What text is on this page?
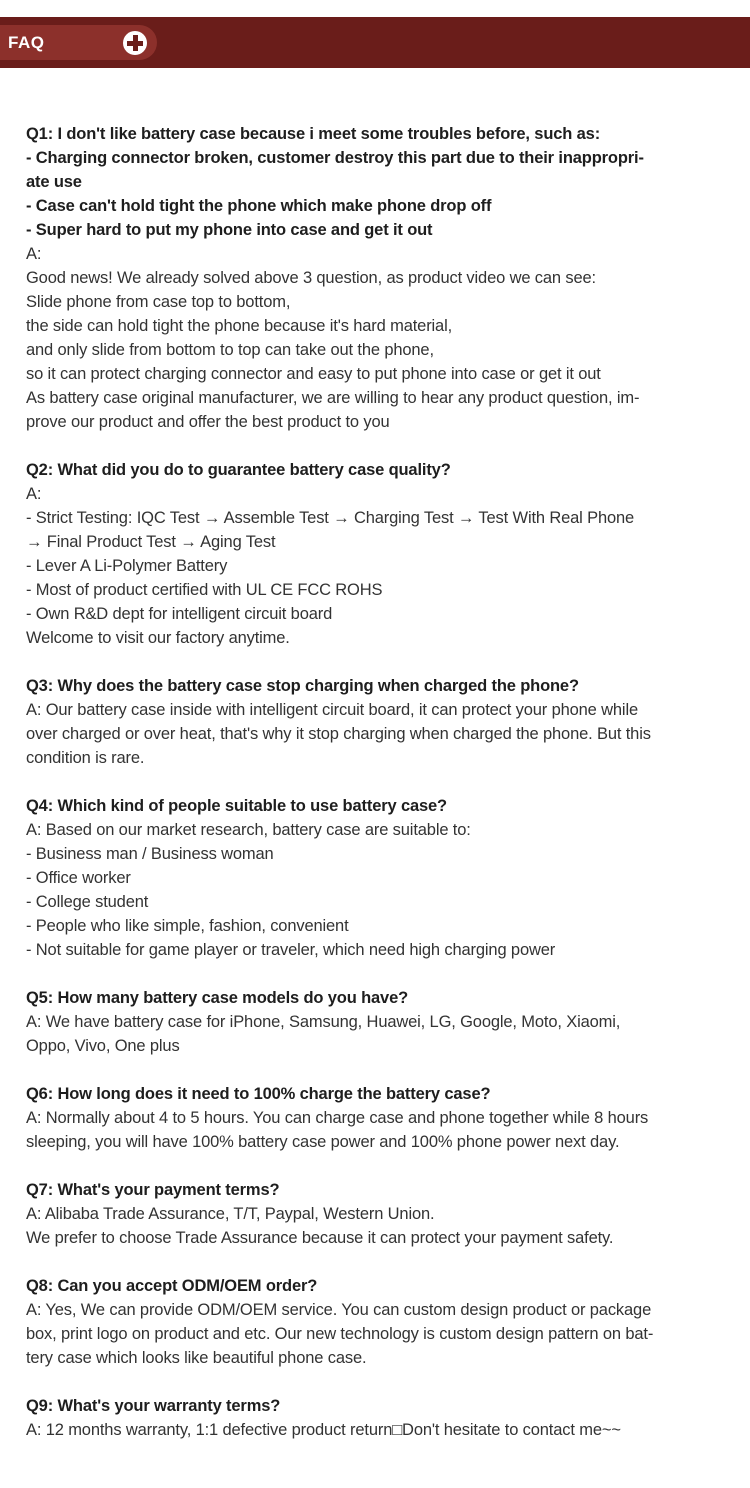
FAQ
Q1: I don't like battery case because i meet some troubles before, such as:
- Charging connector broken, customer destroy this part due to their inappropri-
ate use
- Case can't hold tight the phone which make phone drop off
- Super hard to put my phone into case and get it out
A:
Good news! We already solved above 3 question, as product video we can see:
Slide phone from case top to bottom,
the side can hold tight the phone because it's hard material,
and only slide from bottom to top can take out the phone,
so it can protect charging connector and easy to put phone into case or get it out
As battery case original manufacturer, we are willing to hear any product question, im-
prove our product and offer the best product to you
Q2: What did you do to guarantee battery case quality?
A:
- Strict Testing: IQC Test → Assemble Test → Charging Test → Test With Real Phone
→ Final Product Test → Aging Test
- Lever A Li-Polymer Battery
- Most of product certified with UL CE FCC ROHS
- Own R&D dept for intelligent circuit board
Welcome to visit our factory anytime.
Q3: Why does the battery case stop charging when charged the phone?
A: Our battery case inside with intelligent circuit board, it can protect your phone while
over charged or over heat, that's why it stop charging when charged the phone. But this
condition is rare.
Q4: Which kind of people suitable to use battery case?
A: Based on our market research, battery case are suitable to:
- Business man / Business woman
- Office worker
- College student
- People who like simple, fashion, convenient
- Not suitable for game player or traveler, which need high charging power
Q5: How many battery case models do you have?
A: We have battery case for iPhone, Samsung, Huawei, LG, Google, Moto, Xiaomi,
Oppo, Vivo, One plus
Q6: How long does it need to 100% charge the battery case?
A: Normally about 4 to 5 hours. You can charge case and phone together while 8 hours
sleeping, you will have 100% battery case power and 100% phone power next day.
Q7: What's your payment terms?
A: Alibaba Trade Assurance, T/T, Paypal, Western Union.
We prefer to choose Trade Assurance because it can protect your payment safety.
Q8: Can you accept ODM/OEM order?
A: Yes, We can provide ODM/OEM service. You can custom design product or package
box, print logo on product and etc. Our new technology is custom design pattern on bat-
tery case which looks like beautiful phone case.
Q9: What's your warranty terms?
A: 12 months warranty, 1:1 defective product return□Don't hesitate to contact me~~
